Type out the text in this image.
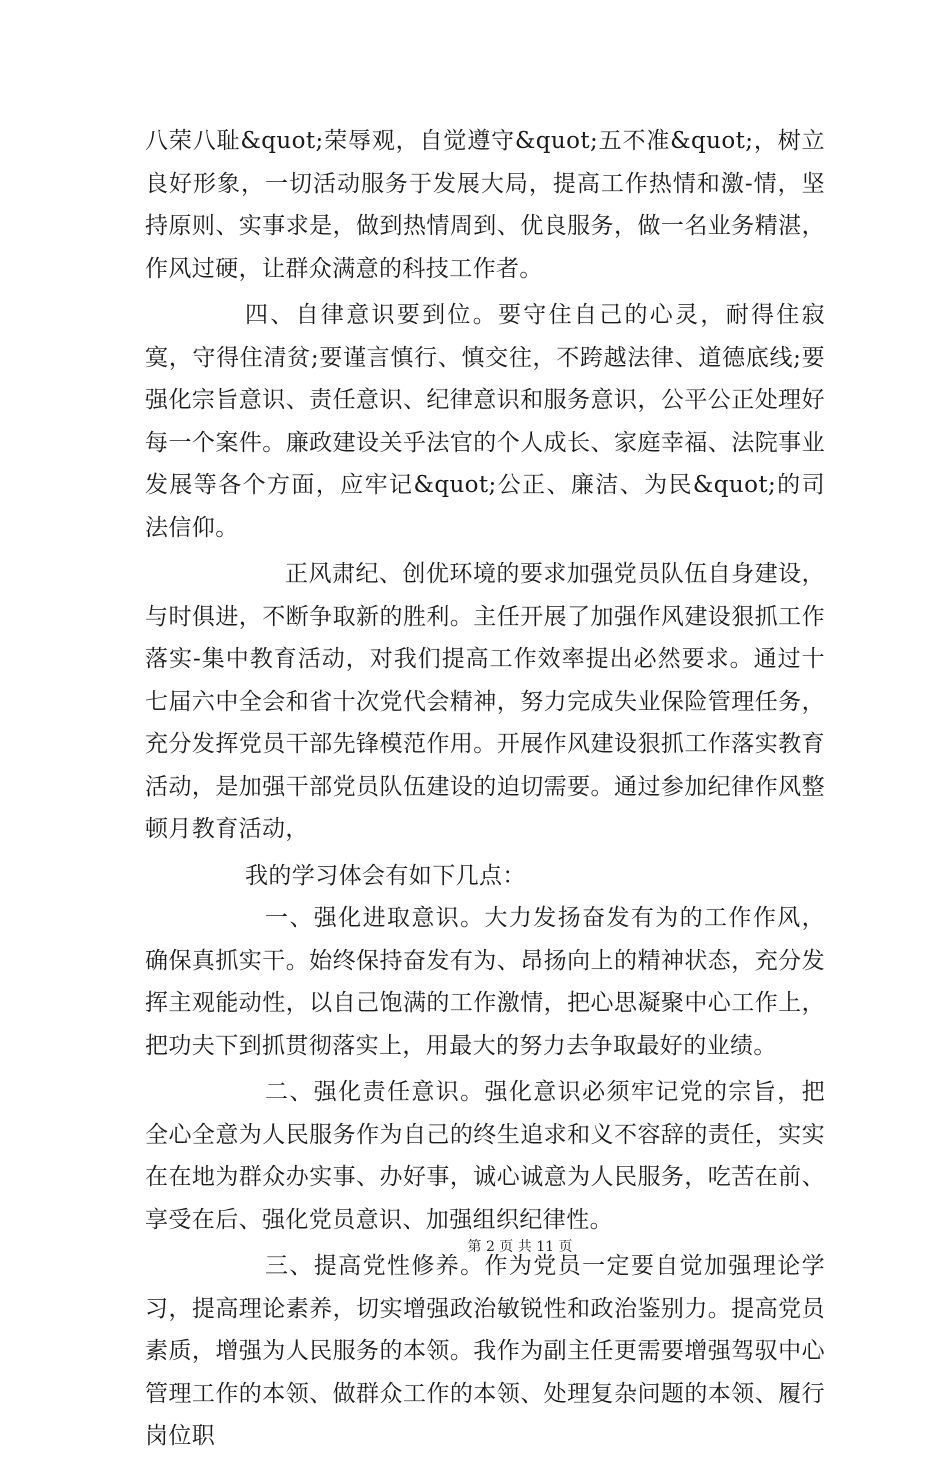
八荣八耻&quot;荣辱观，自觉遵守&quot;五不准&quot;，树立良好形象，一切活动服务于发展大局，提高工作热情和激-情，坚持原则、实事求是，做到热情周到、优良服务，做一名业务精湛，作风过硬，让群众满意的科技工作者。

四、自律意识要到位。要守住自己的心灵，耐得住寂寞，守得住清贫;要谨言慎行、慎交往，不跨越法律、道德底线;要强化宗旨意识、责任意识、纪律意识和服务意识，公平公正处理好每一个案件。廉政建设关乎法官的个人成长、家庭幸福、法院事业发展等各个方面，应牢记&quot;公正、廉洁、为民&quot;的司法信仰。

正风肃纪、创优环境的要求加强党员队伍自身建设，与时俱进，不断争取新的胜利。主任开展了加强作风建设狠抓工作落实-集中教育活动，对我们提高工作效率提出必然要求。通过十七届六中全会和省十次党代会精神，努力完成失业保险管理任务，充分发挥党员干部先锋模范作用。开展作风建设狠抓工作落实教育活动，是加强干部党员队伍建设的迫切需要。通过参加纪律作风整顿月教育活动，

我的学习体会有如下几点：

一、强化进取意识。大力发扬奋发有为的工作作风，确保真抓实干。始终保持奋发有为、昂扬向上的精神状态，充分发挥主观能动性，以自己饱满的工作激情，把心思凝聚中心工作上，把功夫下到抓贯彻落实上，用最大的努力去争取最好的业绩。

二、强化责任意识。强化意识必须牢记党的宗旨，把全心全意为人民服务作为自己的终生追求和义不容辞的责任，实实在在地为群众办实事、办好事，诚心诚意为人民服务，吃苦在前、享受在后、强化党员意识、加强组织纪律性。

三、提高党性修养。作为党员一定要自觉加强理论学习，提高理论素养，切实增强政治敏锐性和政治鉴别力。提高党员素质，增强为人民服务的本领。我作为副主任更需要增强驾驭中心管理工作的本领、做群众工作的本领、处理复杂问题的本领、履行岗位职

第 2 页 共 11 页
